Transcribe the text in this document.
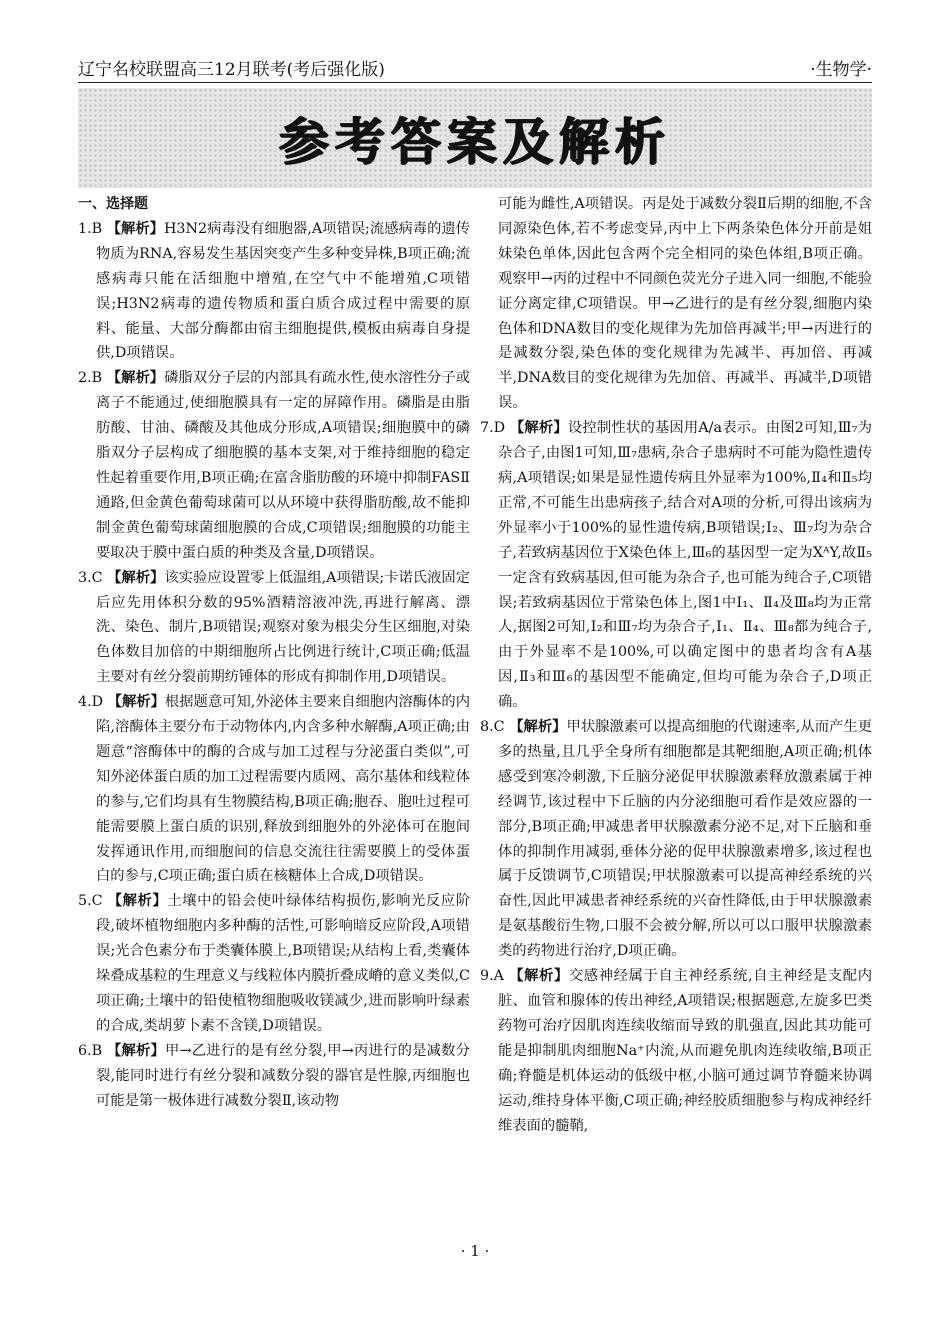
辽宁名校联盟高三12月联考(考后强化版)	·生物学·
参考答案及解析
一、选择题
1.B 【解析】H3N2病毒没有细胞器,A项错误;流感病毒的遗传物质为RNA,容易发生基因突变产生多种变异株,B项正确;流感病毒只能在活细胞中增殖,在空气中不能增殖,C项错误;H3N2病毒的遗传物质和蛋白质合成过程中需要的原料、能量、大部分酶都由宿主细胞提供,模板由病毒自身提供,D项错误。
2.B 【解析】磷脂双分子层的内部具有疏水性,使水溶性分子或离子不能通过,使细胞膜具有一定的屏障作用。磷脂是由脂肪酸、甘油、磷酸及其他成分形成,A项错误;细胞膜中的磷脂双分子层构成了细胞膜的基本支架,对于维持细胞的稳定性起着重要作用,B项正确;在富含脂肪酸的环境中抑制FASⅡ通路,但金黄色葡萄球菌可以从环境中获得脂肪酸,故不能抑制金黄色葡萄球菌细胞膜的合成,C项错误;细胞膜的功能主要取决于膜中蛋白质的种类及含量,D项错误。
3.C 【解析】该实验应设置零上低温组,A项错误;卡诺氏液固定后应先用体积分数的95%酒精溶液冲洗,再进行解离、漂洗、染色、制片,B项错误;观察对象为根尖分生区细胞,对染色体数目加倍的中期细胞所占比例进行统计,C项正确;低温主要对有丝分裂前期纺锤体的形成有抑制作用,D项错误。
4.D 【解析】根据题意可知,外泌体主要来自细胞内溶酶体的内陷,溶酶体主要分布于动物体内,内含多种水解酶,A项正确;由题意“溶酶体中的酶的合成与加工过程与分泌蛋白类似”,可知外泌体蛋白质的加工过程需要内质网、高尔基体和线粒体的参与,它们均具有生物膜结构,B项正确;胞吞、胞吐过程可能需要膜上蛋白质的识别,释放到细胞外的外泌体可在胞间发挥通讯作用,而细胞间的信息交流往往需要膜上的受体蛋白的参与,C项正确;蛋白质在核糖体上合成,D项错误。
5.C 【解析】土壤中的铅会使叶绿体结构损伤,影响光反应阶段,破坏植物细胞内多种酶的活性,可影响暗反应阶段,A项错误;光合色素分布于类囊体膜上,B项错误;从结构上看,类囊体垛叠成基粒的生理意义与线粒体内膜折叠成嵴的意义类似,C项正确;土壤中的铅使植物细胞吸收镁减少,进而影响叶绿素的合成,类胡萝卜素不含镁,D项错误。
6.B 【解析】甲→乙进行的是有丝分裂,甲→丙进行的是减数分裂,能同时进行有丝分裂和减数分裂的器官是性腺,丙细胞也可能是第一极体进行减数分裂Ⅱ,该动物
可能为雌性,A项错误。丙是处于减数分裂Ⅱ后期的细胞,不含同源染色体,若不考虑变异,丙中上下两条染色体分开前是姐妹染色单体,因此包含两个完全相同的染色体组,B项正确。观察甲→丙的过程中不同颜色荧光分子进入同一细胞,不能验证分离定律,C项错误。甲→乙进行的是有丝分裂,细胞内染色体和DNA数目的变化规律为先加倍再减半;甲→丙进行的是减数分裂,染色体的变化规律为先减半、再加倍、再减半,DNA数目的变化规律为先加倍、再减半、再减半,D项错误。
7.D 【解析】设控制性状的基因用A/a表示。由图2可知,Ⅲ₇为杂合子,由图1可知,Ⅲ₇患病,杂合子患病时不可能为隐性遗传病,A项错误;如果是显性遗传病且外显率为100%,Ⅱ₄和Ⅱ₅均正常,不可能生出患病孩子,结合对A项的分析,可得出该病为外显率小于100%的显性遗传病,B项错误;Ⅰ₂、Ⅲ₇均为杂合子,若致病基因位于X染色体上,Ⅲ₆的基因型一定为XᴬY,故Ⅱ₅一定含有致病基因,但可能为杂合子,也可能为纯合子,C项错误;若致病基因位于常染色体上,图1中Ⅰ₁、Ⅱ₄及Ⅲ₈均为正常人,据图2可知,Ⅰ₂和Ⅲ₇均为杂合子,Ⅰ₁、Ⅱ₄、Ⅲ₈都为纯合子,由于外显率不是100%,可以确定图中的患者均含有A基因,Ⅱ₃和Ⅲ₆的基因型不能确定,但均可能为杂合子,D项正确。
8.C 【解析】甲状腺激素可以提高细胞的代谢速率,从而产生更多的热量,且几乎全身所有细胞都是其靶细胞,A项正确;机体感受到寒冷刺激,下丘脑分泌促甲状腺激素释放激素属于神经调节,该过程中下丘脑的内分泌细胞可看作是效应器的一部分,B项正确;甲减患者甲状腺激素分泌不足,对下丘脑和垂体的抑制作用减弱,垂体分泌的促甲状腺激素增多,该过程也属于反馈调节,C项错误;甲状腺激素可以提高神经系统的兴奋性,因此甲减患者神经系统的兴奋性降低,由于甲状腺激素是氨基酸衍生物,口服不会被分解,所以可以口服甲状腺激素类的药物进行治疗,D项正确。
9.A 【解析】交感神经属于自主神经系统,自主神经是支配内脏、血管和腺体的传出神经,A项错误;根据题意,左旋多巴类药物可治疗因肌肉连续收缩而导致的肌强直,因此其功能可能是抑制肌肉细胞Na⁺内流,从而避免肌肉连续收缩,B项正确;脊髓是机体运动的低级中枢,小脑可通过调节脊髓来协调运动,维持身体平衡,C项正确;神经胶质细胞参与构成神经纤维表面的髓鞘,
· 1 ·
